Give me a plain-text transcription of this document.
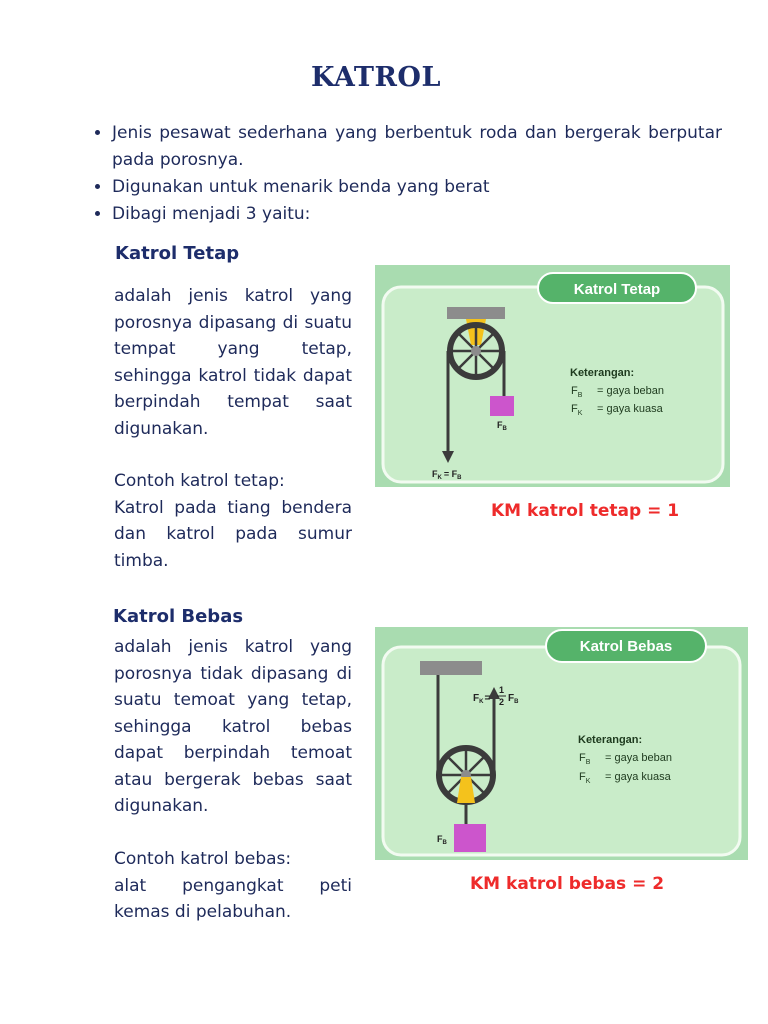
KATROL
• Jenis pesawat sederhana yang berbentuk roda dan bergerak berputar pada porosnya.
• Digunakan untuk menarik benda yang berat
• Dibagi menjadi 3 yaitu:
Katrol Tetap

adalah jenis katrol yang porosnya dipasang di suatu tempat yang tetap, sehingga katrol tidak dapat berpindah tempat saat digunakan.

Contoh katrol tetap:
Katrol pada tiang bendera dan katrol pada sumur timba.

Katrol Tetap
$F_B$
$F_K = F_B$
Keterangan:
$F_B$ = gaya beban
$F_K$ = gaya kuasa
KM katrol tetap = 1
Katrol Bebas

adalah jenis katrol yang porosnya tidak dipasang di suatu temoat yang tetap, sehingga katrol bebas dapat berpindah temoat atau bergerak bebas saat digunakan.

Contoh katrol bebas:
alat pengangkat peti kemas di pelabuhan.

Katrol Bebas
$F_B$
$F_K=$
1
2 $F_B$
Keterangan:
$F_B$ = gaya beban
$F_K$ = gaya kuasa
KM katrol bebas = 2
